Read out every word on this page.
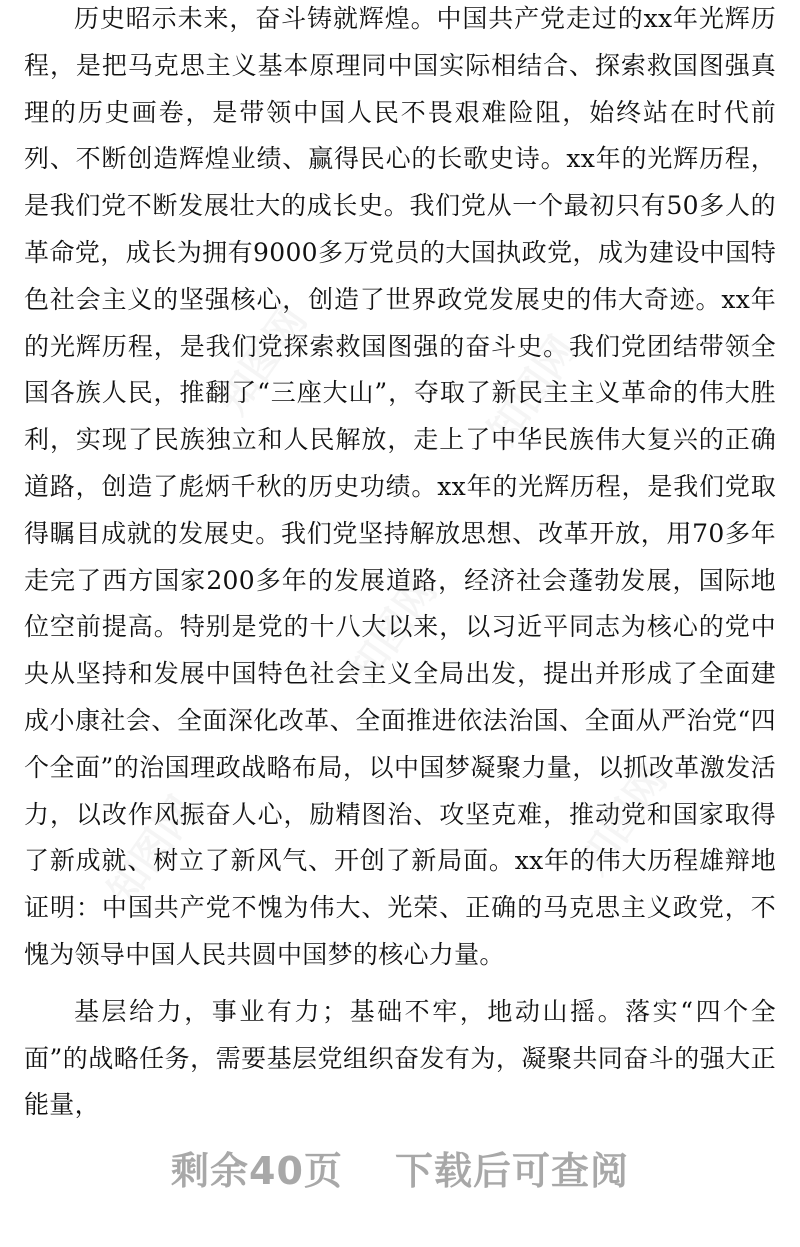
知图网	知图网
知图网
知图网
知图网

历史昭示未来，奋斗铸就辉煌。中国共产党走过的xx年光辉历程，是把马克思主义基本原理同中国实际相结合、探索救国图强真理的历史画卷，是带领中国人民不畏艰难险阻，始终站在时代前列、不断创造辉煌业绩、赢得民心的长歌史诗。xx年的光辉历程，是我们党不断发展壮大的成长史。我们党从一个最初只有50多人的革命党，成长为拥有9000多万党员的大国执政党，成为建设中国特色社会主义的坚强核心，创造了世界政党发展史的伟大奇迹。xx年的光辉历程，是我们党探索救国图强的奋斗史。我们党团结带领全国各族人民，推翻了“三座大山”，夺取了新民主主义革命的伟大胜利，实现了民族独立和人民解放，走上了中华民族伟大复兴的正确道路，创造了彪炳千秋的历史功绩。xx年的光辉历程，是我们党取得瞩目成就的发展史。我们党坚持解放思想、改革开放，用70多年走完了西方国家200多年的发展道路，经济社会蓬勃发展，国际地位空前提高。特别是党的十八大以来，以习近平同志为核心的党中央从坚持和发展中国特色社会主义全局出发，提出并形成了全面建成小康社会、全面深化改革、全面推进依法治国、全面从严治党“四个全面”的治国理政战略布局，以中国梦凝聚力量，以抓改革激发活力，以改作风振奋人心，励精图治、攻坚克难，推动党和国家取得了新成就、树立了新风气、开创了新局面。xx年的伟大历程雄辩地证明：中国共产党不愧为伟大、光荣、正确的马克思主义政党，不愧为领导中国人民共圆中国梦的核心力量。

基层给力，事业有力；基础不牢，地动山摇。落实“四个全面”的战略任务，需要基层党组织奋发有为，凝聚共同奋斗的强大正能量，

剩余40页 下载后可查阅
